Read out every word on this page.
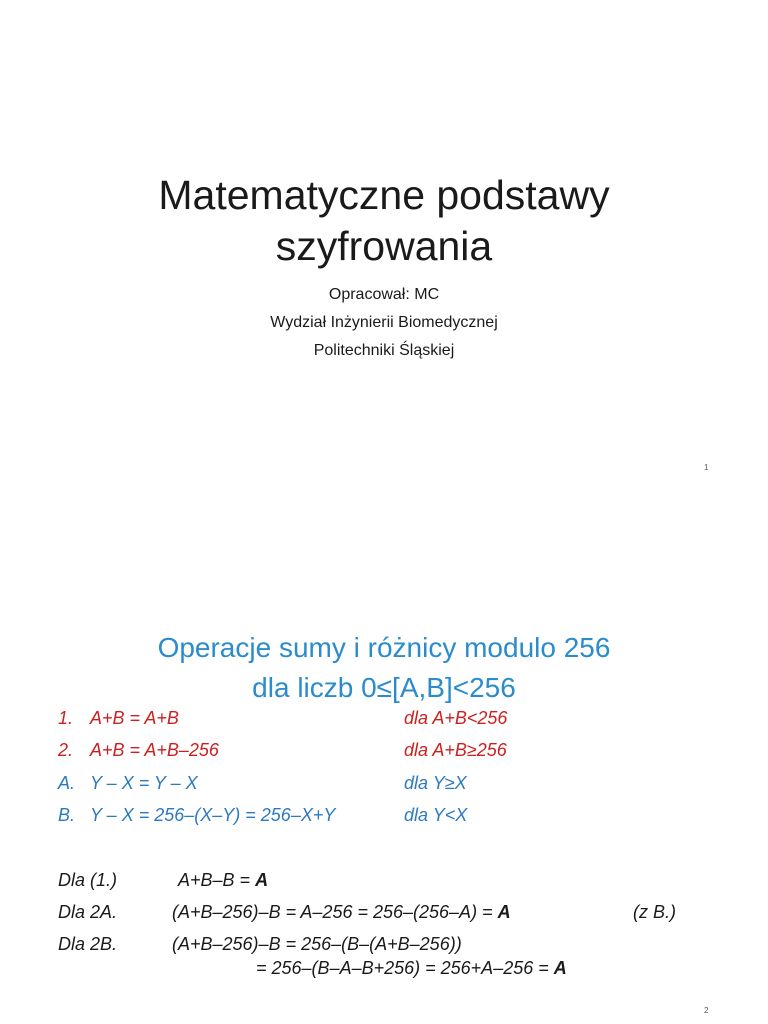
Matematyczne podstawy
szyfrowania
Opracował: MC
Wydział Inżynierii Biomedycznej
Politechniki Śląskiej
1
Operacje sumy i różnicy modulo 256
dla liczb 0≤[A,B]<256
1. A+B = A+B	dla A+B<256
2. A+B = A+B–256	dla A+B≥256
A. Y – X = Y – X	dla Y≥X
B. Y – X = 256–(X–Y) = 256–X+Y	dla Y<X
Dla (1.)	A+B–B = A
Dla 2A.	(A+B–256)–B = A–256 = 256–(256–A) = A	(z B.)
Dla 2B.	(A+B–256)–B = 256–(B–(A+B–256))
= 256–(B–A–B+256) = 256+A–256 = A
2
